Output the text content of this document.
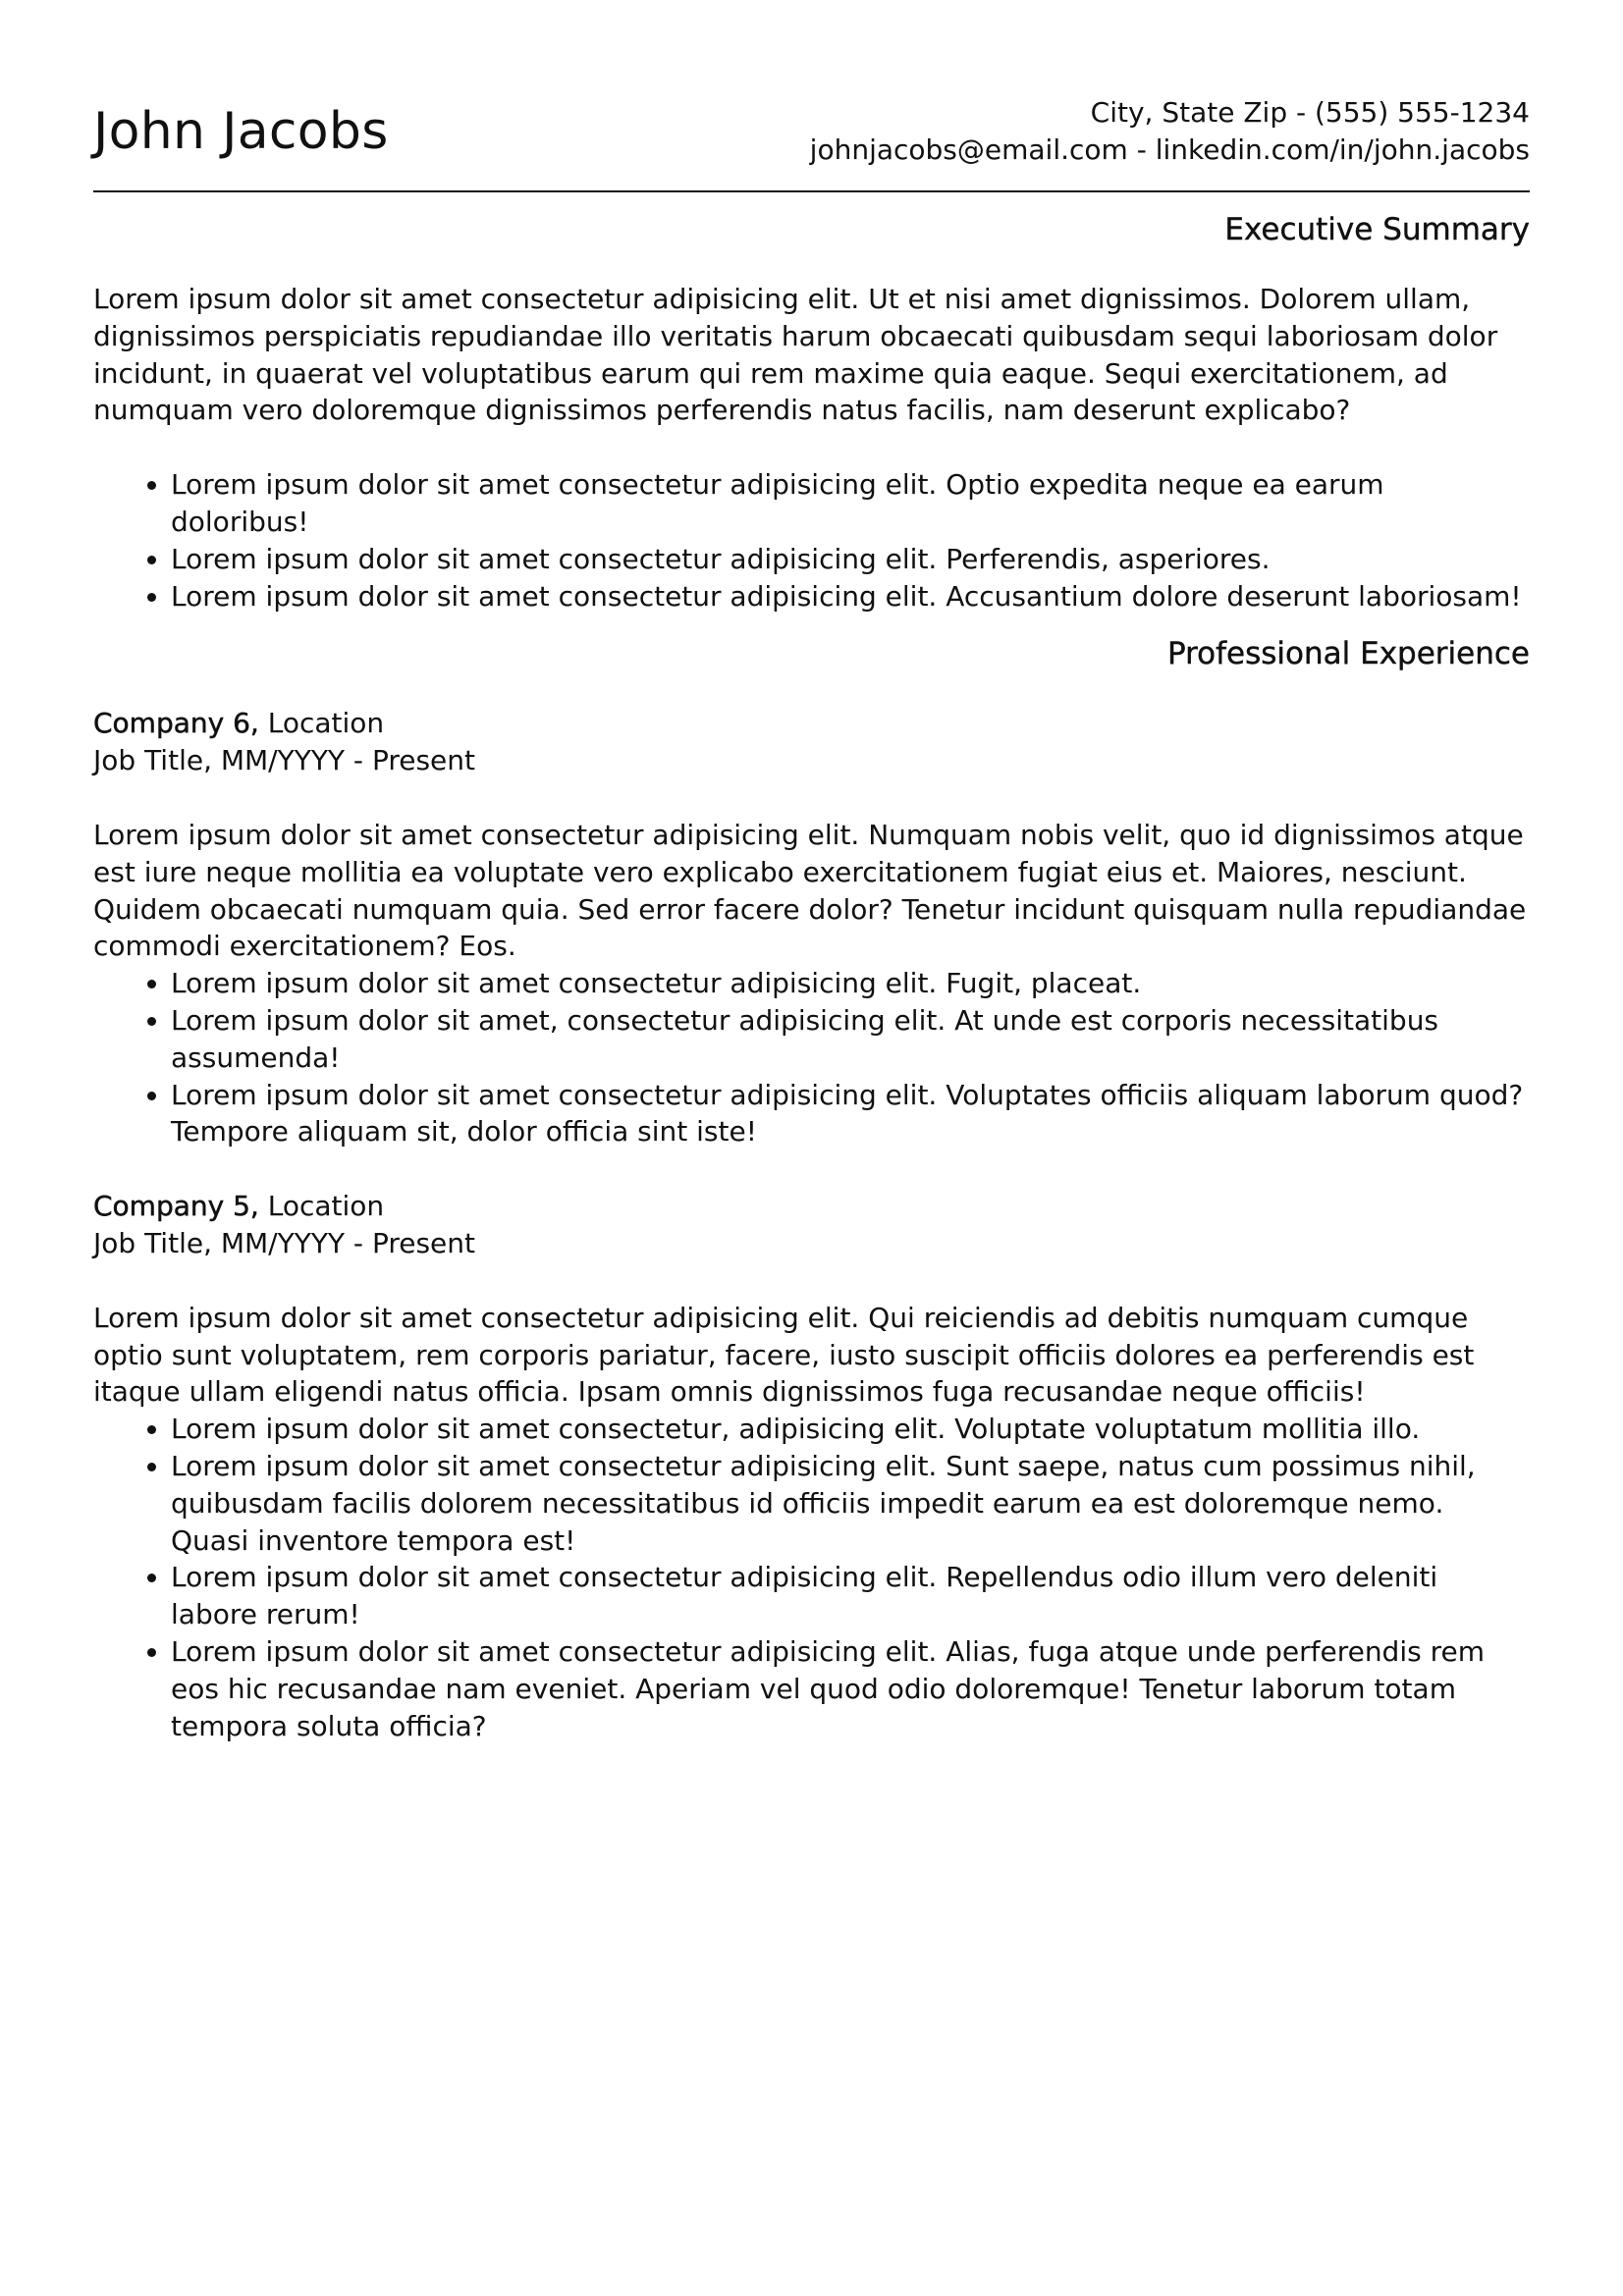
John Jacobs	City, State Zip - (555) 555-1234
johnjacobs@email.com - linkedin.com/in/john.jacobs
Executive Summary

Lorem ipsum dolor sit amet consectetur adipisicing elit. Ut et nisi amet dignissimos. Dolorem ullam, dignissimos perspiciatis repudiandae illo veritatis harum obcaecati quibusdam sequi laboriosam dolor incidunt, in quaerat vel voluptatibus earum qui rem maxime quia eaque. Sequi exercitationem, ad numquam vero doloremque dignissimos perferendis natus facilis, nam deserunt explicabo?

• Lorem ipsum dolor sit amet consectetur adipisicing elit. Optio expedita neque ea earum doloribus!
• Lorem ipsum dolor sit amet consectetur adipisicing elit. Perferendis, asperiores.
• Lorem ipsum dolor sit amet consectetur adipisicing elit. Accusantium dolore deserunt laboriosam!
Professional Experience
Company 6, Location
Job Title, MM/YYYY - Present

Lorem ipsum dolor sit amet consectetur adipisicing elit. Numquam nobis velit, quo id dignissimos atque est iure neque mollitia ea voluptate vero explicabo exercitationem fugiat eius et. Maiores, nesciunt. Quidem obcaecati numquam quia. Sed error facere dolor? Tenetur incidunt quisquam nulla repudiandae commodi exercitationem? Eos.

• Lorem ipsum dolor sit amet consectetur adipisicing elit. Fugit, placeat.
• Lorem ipsum dolor sit amet, consectetur adipisicing elit. At unde est corporis necessitatibus assumenda!
• Lorem ipsum dolor sit amet consectetur adipisicing elit. Voluptates officiis aliquam laborum quod? Tempore aliquam sit, dolor officia sint iste!
Company 5, Location
Job Title, MM/YYYY - Present

Lorem ipsum dolor sit amet consectetur adipisicing elit. Qui reiciendis ad debitis numquam cumque optio sunt voluptatem, rem corporis pariatur, facere, iusto suscipit officiis dolores ea perferendis est itaque ullam eligendi natus officia. Ipsam omnis dignissimos fuga recusandae neque officiis!

• Lorem ipsum dolor sit amet consectetur, adipisicing elit. Voluptate voluptatum mollitia illo.
• Lorem ipsum dolor sit amet consectetur adipisicing elit. Sunt saepe, natus cum possimus nihil, quibusdam facilis dolorem necessitatibus id officiis impedit earum ea est doloremque nemo. Quasi inventore tempora est!
• Lorem ipsum dolor sit amet consectetur adipisicing elit. Repellendus odio illum vero deleniti labore rerum!
• Lorem ipsum dolor sit amet consectetur adipisicing elit. Alias, fuga atque unde perferendis rem eos hic recusandae nam eveniet. Aperiam vel quod odio doloremque! Tenetur laborum totam tempora soluta officia?
